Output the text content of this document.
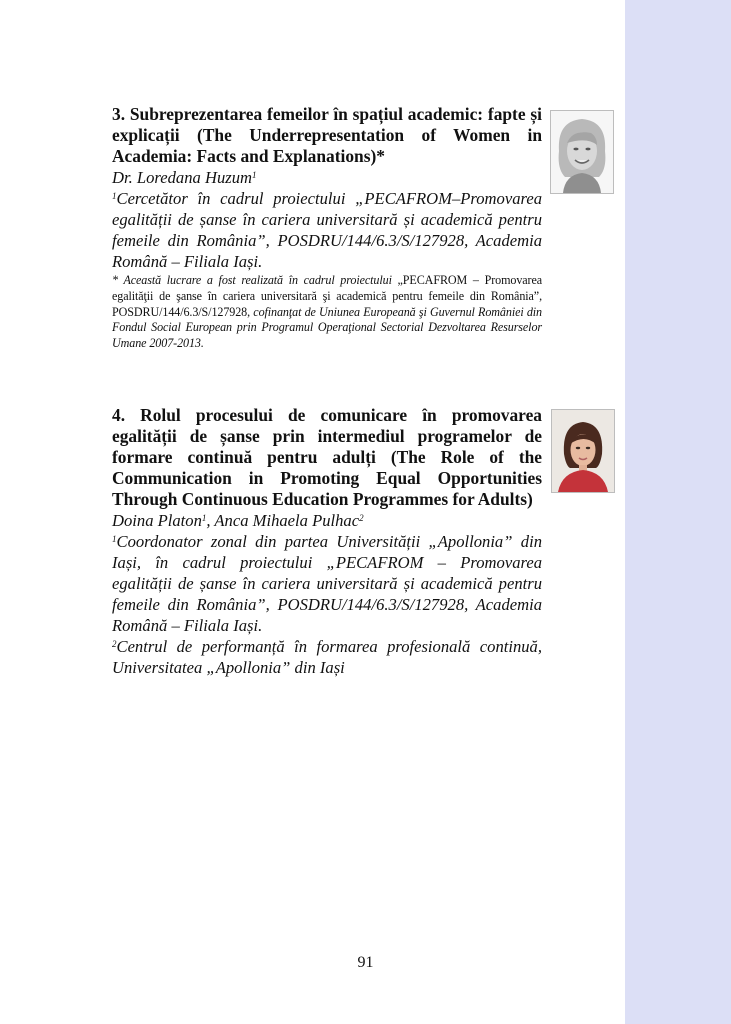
3. Subreprezentarea femeilor în spațiul academic: fapte și explicații (The Underrepresentation of Women in Academia: Facts and Explanations)*

Dr. Loredana Huzum$^1$

$^1$Cercetător în cadrul proiectului „PECAFROM–Promovarea egalității de șanse în cariera universitară și academică pentru femeile din România”, POSDRU/144/6.3/S/127928, Academia Română – Filiala Iași.

* Această lucrare a fost realizată în cadrul proiectului „PECAFROM – Promovarea egalităţii de şanse în cariera universitară şi academică pentru femeile din România”, POSDRU/144/6.3/S/127928, cofinanţat de Uniunea Europeană şi Guvernul României din Fondul Social European prin Programul Operaţional Sectorial Dezvoltarea Resurselor Umane 2007-2013.

4. Rolul procesului de comunicare în promovarea egalității de șanse prin intermediul programelor de formare continuă pentru adulți (The Role of the Communication in Promoting Equal Opportunities Through Continuous Education Programmes for Adults)

Doina Platon$^1$, Anca Mihaela Pulhac$^2$

$^1$Coordonator zonal din partea Universității „Apollonia” din Iași, în cadrul proiectului „PECAFROM – Promovarea egalității de șanse în cariera universitară și academică pentru femeile din România”, POSDRU/144/6.3/S/127928, Academia Română – Filiala Iași.

$^2$Centrul de performanță în formarea profesională continuă, Universitatea „Apollonia” din Iași

91
